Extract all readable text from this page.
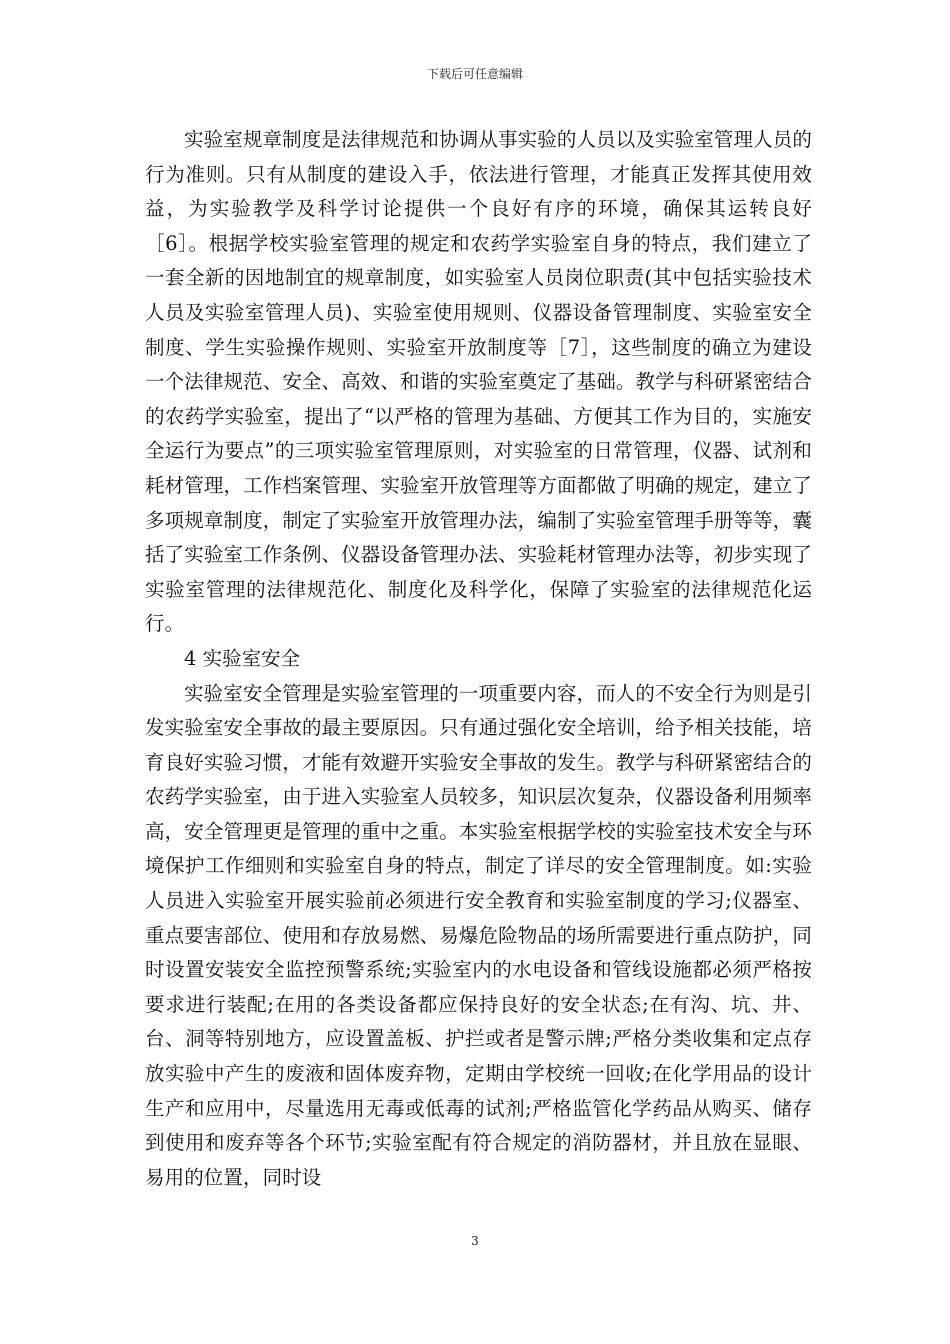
下载后可任意编辑

实验室规章制度是法律规范和协调从事实验的人员以及实验室管理人员的行为准则。只有从制度的建设入手，依法进行管理，才能真正发挥其使用效益，为实验教学及科学讨论提供一个良好有序的环境，确保其运转良好［6］。根据学校实验室管理的规定和农药学实验室自身的特点，我们建立了一套全新的因地制宜的规章制度，如实验室人员岗位职责(其中包括实验技术人员及实验室管理人员)、实验室使用规则、仪器设备管理制度、实验室安全制度、学生实验操作规则、实验室开放制度等［7］，这些制度的确立为建设一个法律规范、安全、高效、和谐的实验室奠定了基础。教学与科研紧密结合的农药学实验室，提出了“以严格的管理为基础、方便其工作为目的，实施安全运行为要点”的三项实验室管理原则，对实验室的日常管理，仪器、试剂和耗材管理，工作档案管理、实验室开放管理等方面都做了明确的规定，建立了多项规章制度，制定了实验室开放管理办法，编制了实验室管理手册等等，囊括了实验室工作条例、仪器设备管理办法、实验耗材管理办法等，初步实现了实验室管理的法律规范化、制度化及科学化，保障了实验室的法律规范化运行。

4 实验室安全

实验室安全管理是实验室管理的一项重要内容，而人的不安全行为则是引发实验室安全事故的最主要原因。只有通过强化安全培训，给予相关技能，培育良好实验习惯，才能有效避开实验安全事故的发生。教学与科研紧密结合的农药学实验室，由于进入实验室人员较多，知识层次复杂，仪器设备利用频率高，安全管理更是管理的重中之重。本实验室根据学校的实验室技术安全与环境保护工作细则和实验室自身的特点，制定了详尽的安全管理制度。如:实验人员进入实验室开展实验前必须进行安全教育和实验室制度的学习;仪器室、重点要害部位、使用和存放易燃、易爆危险物品的场所需要进行重点防护，同时设置安装安全监控预警系统;实验室内的水电设备和管线设施都必须严格按要求进行装配;在用的各类设备都应保持良好的安全状态;在有沟、坑、井、台、洞等特别地方，应设置盖板、护拦或者是警示牌;严格分类收集和定点存放实验中产生的废液和固体废弃物，定期由学校统一回收;在化学用品的设计生产和应用中，尽量选用无毒或低毒的试剂;严格监管化学药品从购买、储存到使用和废弃等各个环节;实验室配有符合规定的消防器材，并且放在显眼、易用的位置，同时设

3
